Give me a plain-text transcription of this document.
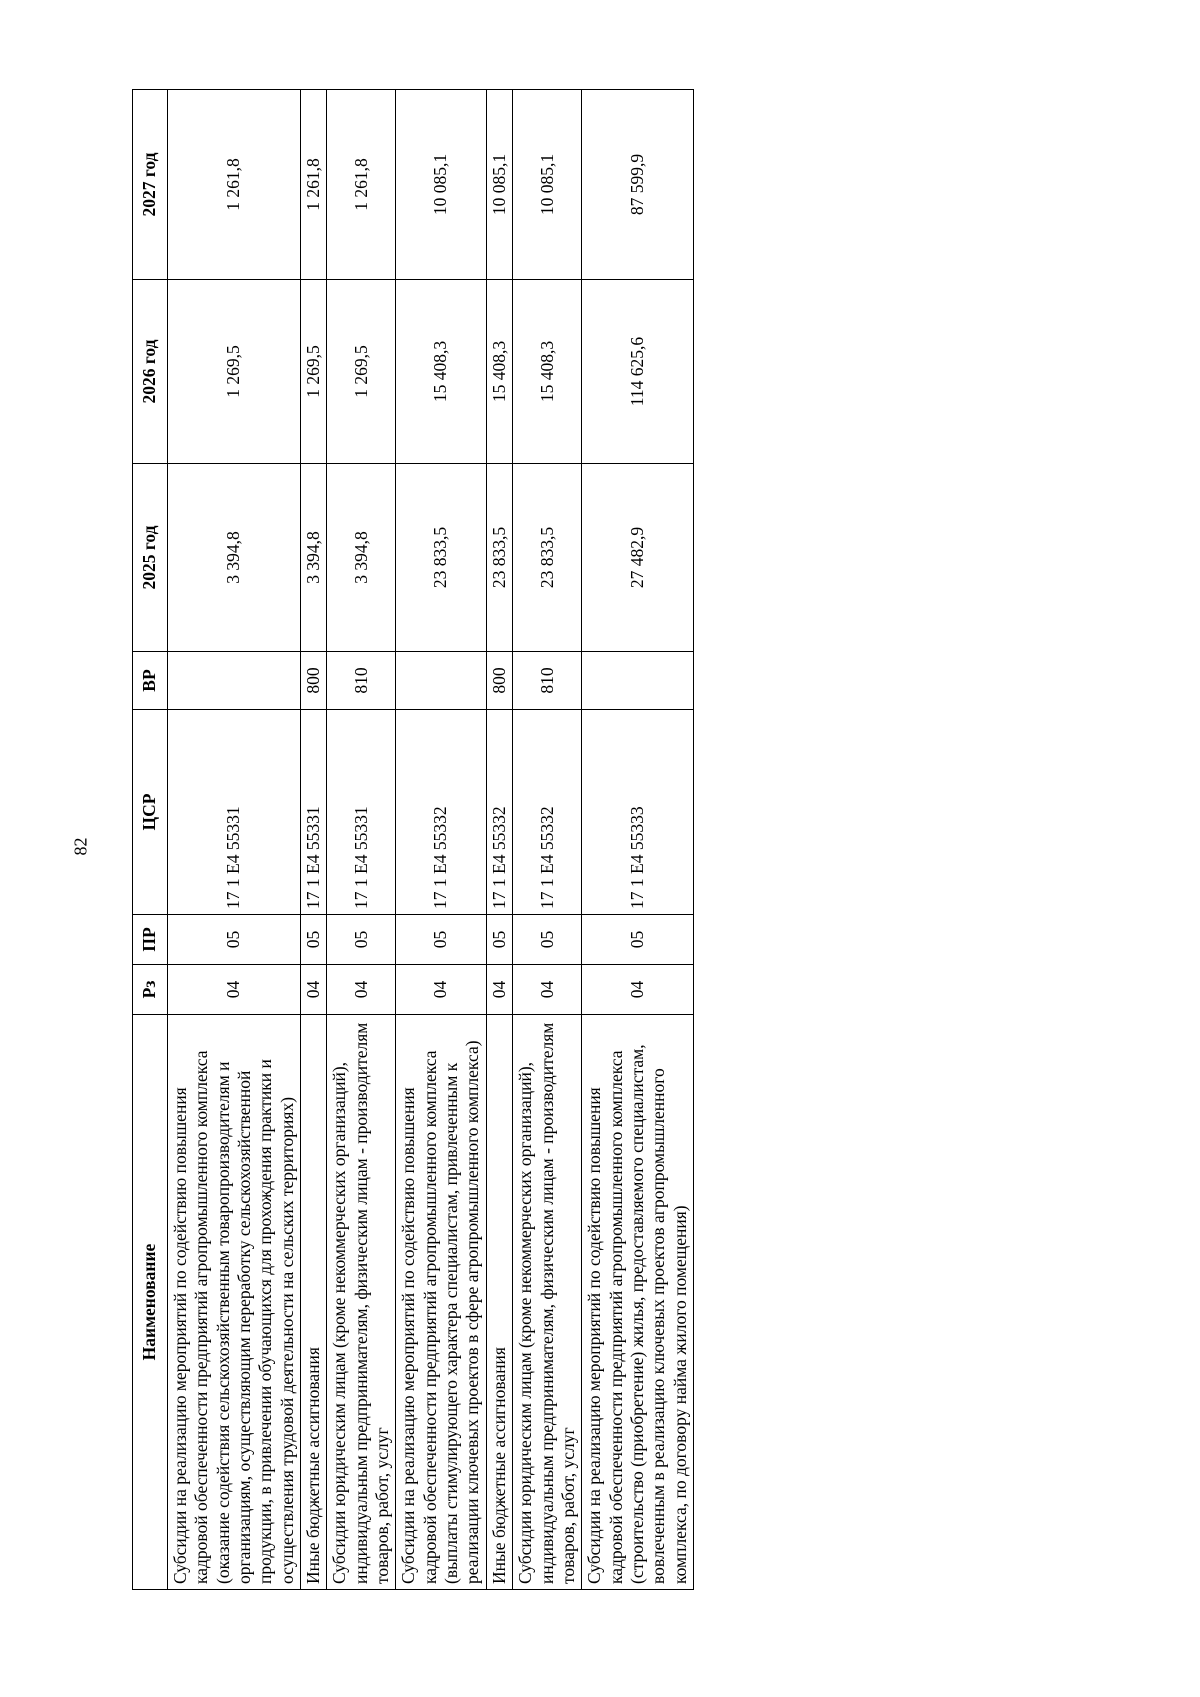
82
Наименование	Рз	ПР	ЦСР	ВР	2025 год	2026 год	2027 год
Субсидии на реализацию мероприятий по содействию повышения кадровой обеспеченности предприятий агропромышленного комплекса (оказание содействия сельскохозяйственным товаропроизводителям и организациям, осуществляющим переработку сельскохозяйственной продукции, в привлечении обучающихся для прохождения практики и осуществления трудовой деятельности на сельских территориях)	04	05	17 1 Е4 55331		3 394,8	1 269,5	1 261,8
Иные бюджетные ассигнования	04	05	17 1 Е4 55331	800	3 394,8	1 269,5	1 261,8
Субсидии юридическим лицам (кроме некоммерческих организаций), индивидуальным предпринимателям, физическим лицам - производителям товаров, работ, услуг	04	05	17 1 Е4 55331	810	3 394,8	1 269,5	1 261,8
Субсидии на реализацию мероприятий по содействию повышения кадровой обеспеченности предприятий агропромышленного комплекса (выплаты стимулирующего характера специалистам, привлеченным к реализации ключевых проектов в сфере агропромышленного комплекса)	04	05	17 1 Е4 55332		23 833,5	15 408,3	10 085,1
Иные бюджетные ассигнования	04	05	17 1 Е4 55332	800	23 833,5	15 408,3	10 085,1
Субсидии юридическим лицам (кроме некоммерческих организаций), индивидуальным предпринимателям, физическим лицам - производителям товаров, работ, услуг	04	05	17 1 Е4 55332	810	23 833,5	15 408,3	10 085,1
Субсидии на реализацию мероприятий по содействию повышения кадровой обеспеченности предприятий агропромышленного комплекса (строительство (приобретение) жилья, предоставляемого специалистам, вовлеченным в реализацию ключевых проектов агропромышленного комплекса, по договору найма жилого помещения)	04	05	17 1 Е4 55333		27 482,9	114 625,6	87 599,9
